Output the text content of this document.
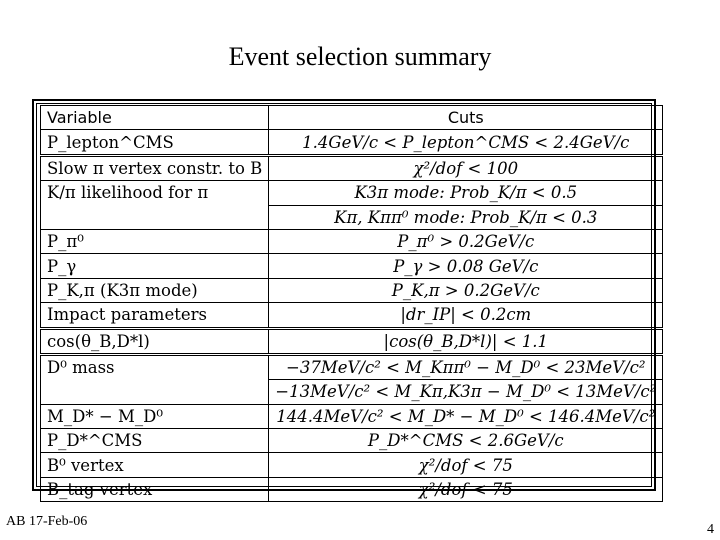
Event selection summary
Variable	Cuts
P_lepton^CMS	1.4GeV/c < P_lepton^CMS < 2.4GeV/c
Slow π vertex constr. to B	χ²/dof < 100
K/π likelihood for π	K3π mode: Prob_K/π < 0.5
	Kπ, Kππ⁰ mode: Prob_K/π < 0.3
P_π⁰	P_π⁰ > 0.2GeV/c
P_γ	P_γ > 0.08 GeV/c
P_K,π (K3π mode)	P_K,π > 0.2GeV/c
Impact parameters	|dr_IP| < 0.2cm
cos(θ_B,D*l)	|cos(θ_B,D*l)| < 1.1
D⁰ mass	−37MeV/c² < M_Kππ⁰ − M_D⁰ < 23MeV/c²
	−13MeV/c² < M_Kπ,K3π − M_D⁰ < 13MeV/c²
M_D* − M_D⁰	144.4MeV/c² < M_D* − M_D⁰ < 146.4MeV/c²
P_D*^CMS	P_D*^CMS < 2.6GeV/c
B⁰ vertex	χ²/dof < 75
B_tag vertex	χ²/dof < 75
AB 17-Feb-06
4
